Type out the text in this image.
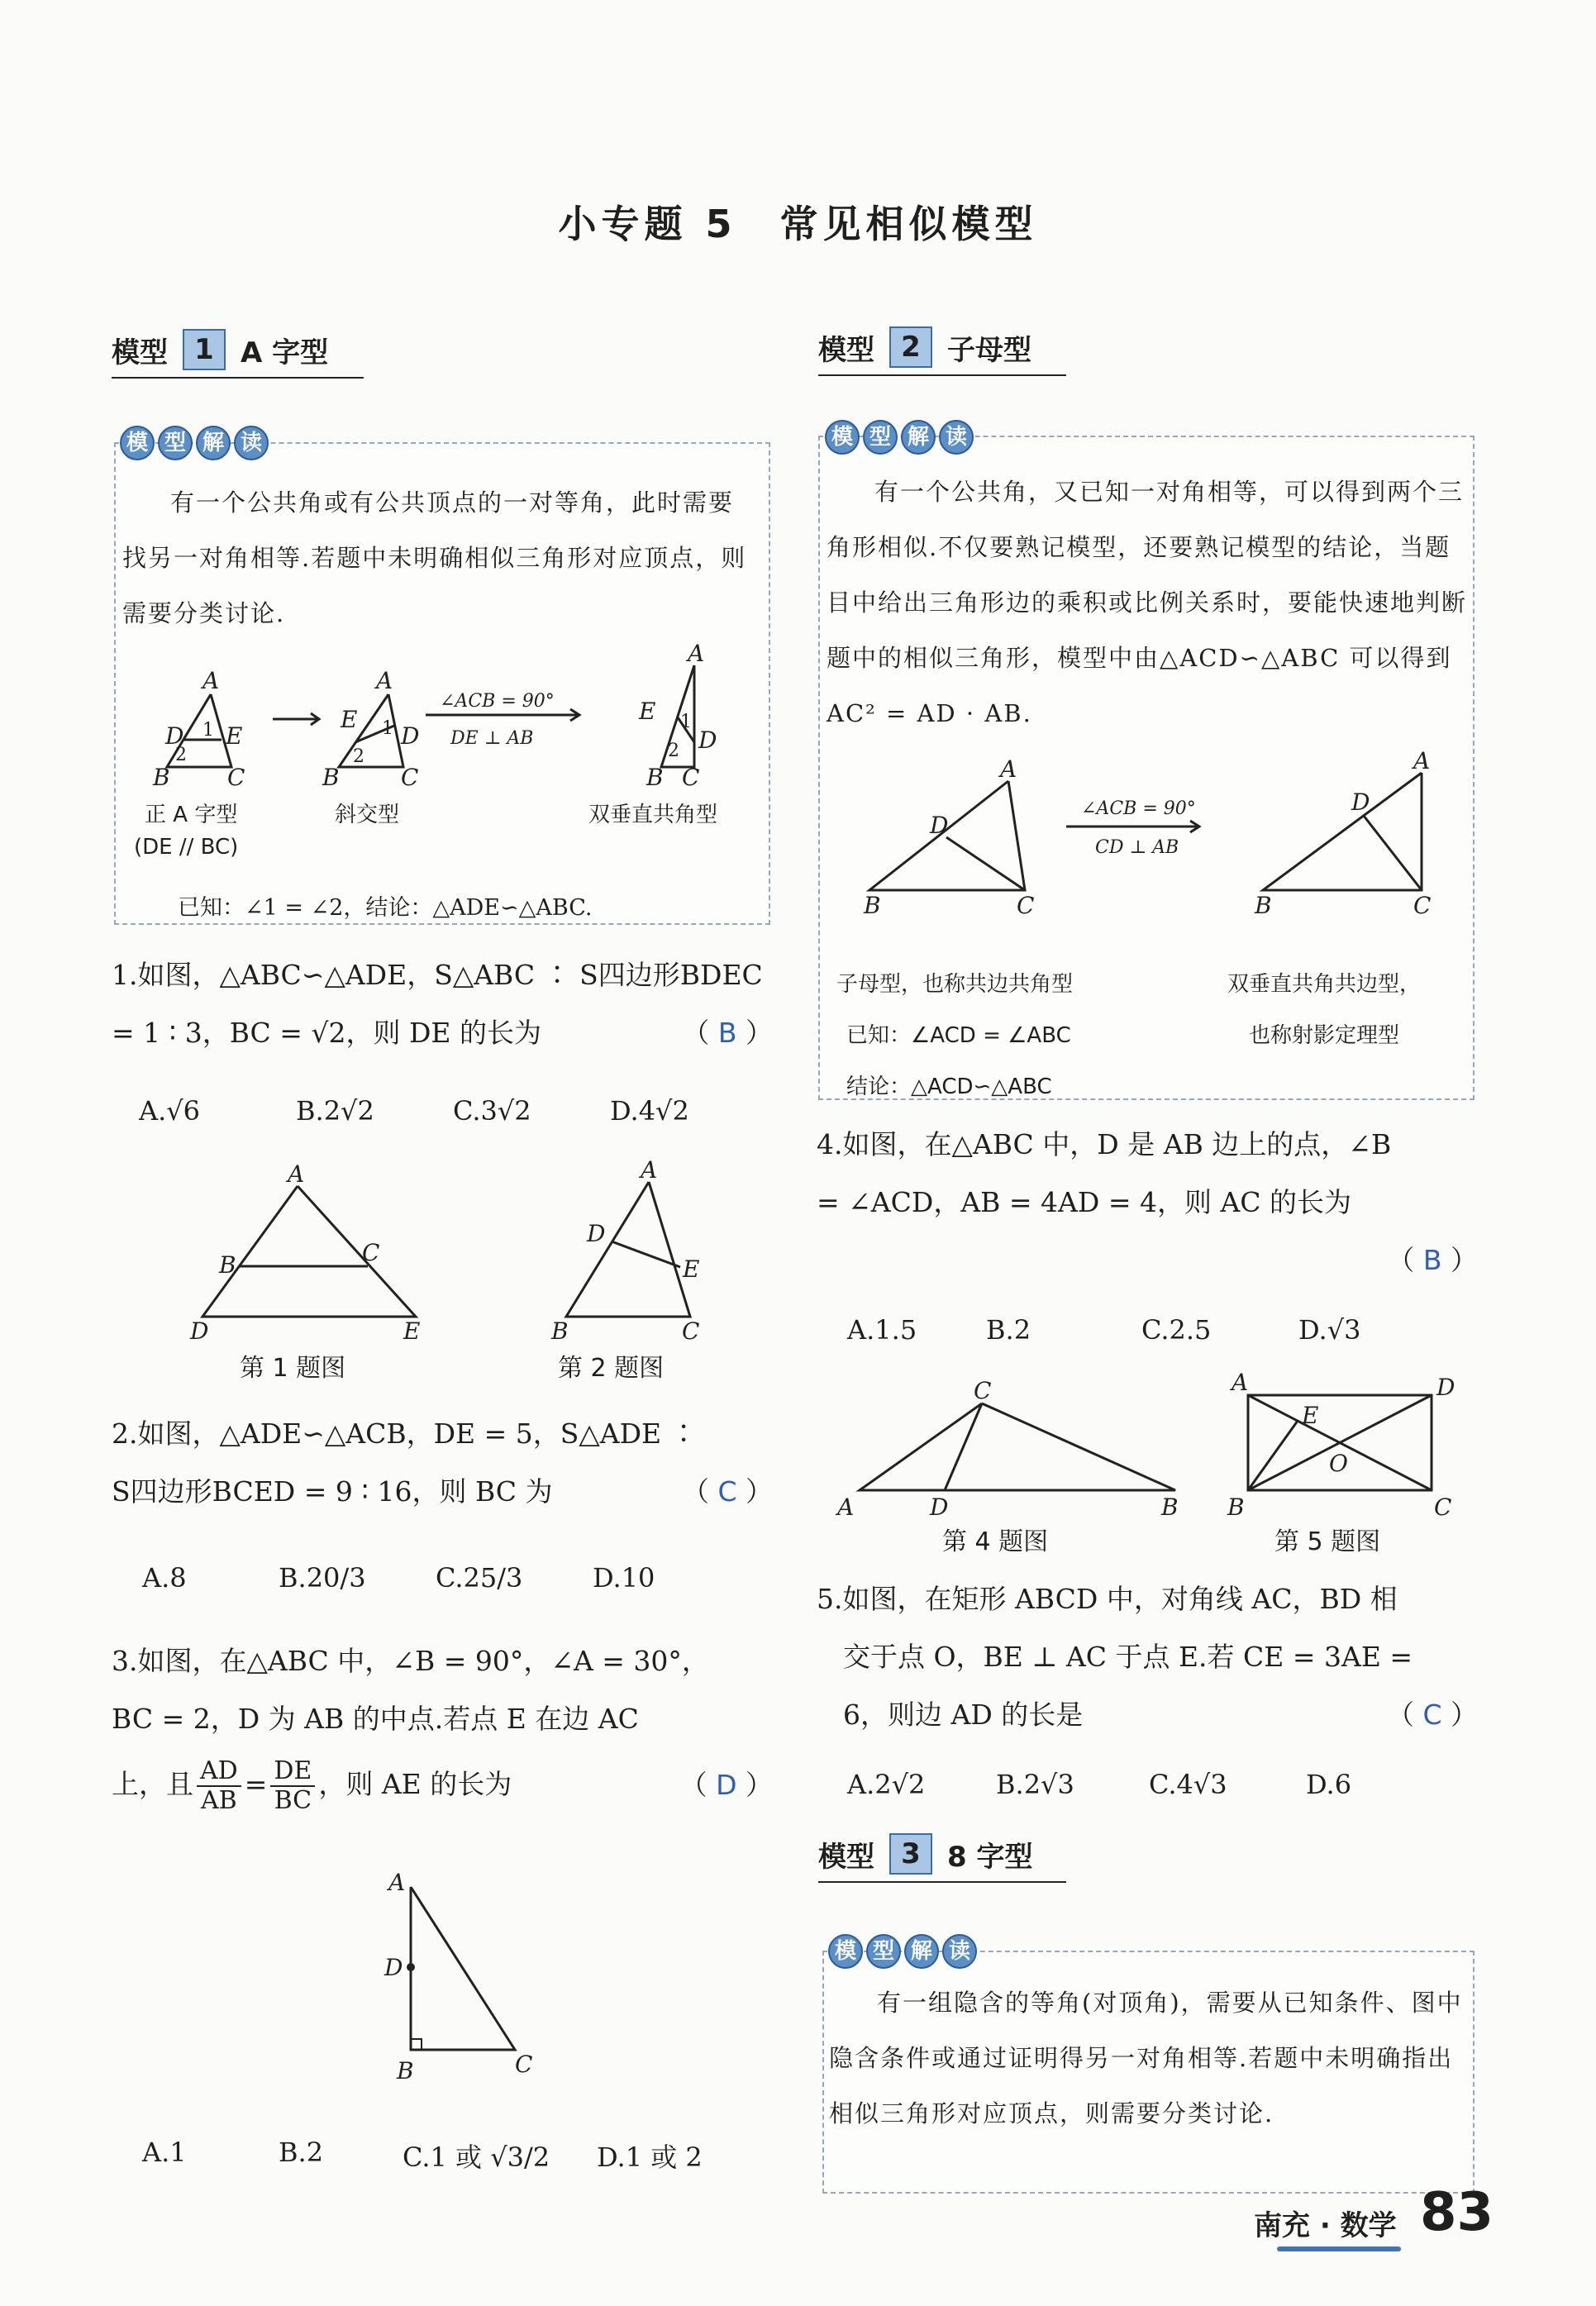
小专题 5　常见相似模型
模型 1 A 字型
模 型 解 读
有一个公共角或有公共顶点的一对等角，此时需要找另一对角相等.若题中未明确相似三角形对应顶点，则需要分类讨论.
A
D E
B C
1
2
A
E
D
B	C
1
2
∠ACB = 90°
DE ⊥ AB
A
E
D
B C
1
2
正 A 字型
(DE // BC)
斜交型	双垂直共角型
已知：∠1 = ∠2，结论：△ADE∽△ABC.
1.如图，△ABC∽△ADE，S△ABC ∶ S四边形BDEC
= 1 ∶ 3，BC = √2，则 DE 的长为	（ B ）
A.√6	B.2√2	C.3√2	D.4√2
A
B	C
D	E
A
D
E
B	C
第 1 题图	第 2 题图
2.如图，△ADE∽△ACB，DE = 5，S△ADE ∶
S四边形BCED = 9 ∶ 16，则 BC 为	（ C ）
A.8	B.20/3	C.25/3	D.10
3.如图，在△ABC 中，∠B = 90°，∠A = 30°，
BC = 2，D 为 AB 的中点.若点 E 在边 AC
上，且 $\frac{AD}{AB} = \frac{DE}{BC}$ ，则 AE 的长为	（ D ）
A
D
B	C
A.1	B.2	C.1 或 √3/2	D.1 或 2
模型 2 子母型
模 型 解 读
有一个公共角，又已知一对角相等，可以得到两个三角形相似.不仅要熟记模型，还要熟记模型的结论，当题目中给出三角形边的乘积或比例关系时，要能快速地判断题中的相似三角形，模型中由△ACD∽△ABC 可以得到 AC² = AD · AB.
A
D
B	C
∠ACB = 90°
CD ⊥ AB
A
D
B	C
子母型，也称共边共角型
已知：∠ACD = ∠ABC
结论：△ACD∽△ABC
双垂直共角共边型，
也称射影定理型
4.如图，在△ABC 中，D 是 AB 边上的点，∠B
= ∠ACD，AB = 4AD = 4，则 AC 的长为
（ B ）
A.1.5	B.2	C.2.5	D.√3
C
A	D	B
A	D
E
O
B	C
第 4 题图	第 5 题图
5.如图，在矩形 ABCD 中，对角线 AC，BD 相
交于点 O，BE ⊥ AC 于点 E.若 CE = 3AE =
6，则边 AD 的长是	（ C ）
A.2√2	B.2√3	C.4√3	D.6
模型 3 8 字型
模 型 解 读
有一组隐含的等角(对顶角)，需要从已知条件、图中隐含条件或通过证明得另一对角相等.若题中未明确指出相似三角形对应顶点，则需要分类讨论.
南充 · 数学 83
